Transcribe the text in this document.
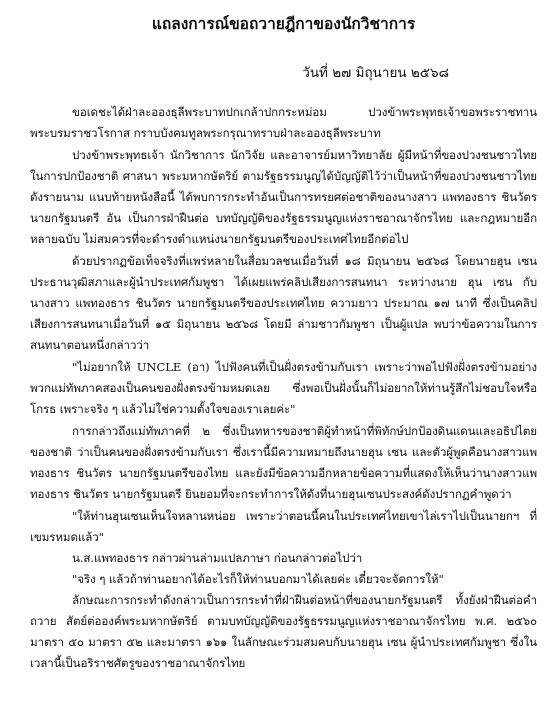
แถลงการณ์ขอถวายฎีกาของนักวิชาการ
วันที่ ๒๗ มิถุนายน ๒๕๖๘

ขอเดชะได้ฝ่าละอองธุลีพระบาทปกเกล้าปกกระหม่อม ปวงข้าพระพุทธเจ้าขอพระราชทานพระบรมราชวโรกาส กราบบังคมทูลพระกรุณาทราบฝ่าละอองธุลีพระบาท

ปวงข้าพระพุทธเจ้า นักวิชาการ นักวิจัย และอาจารย์มหาวิทยาลัย ผู้มีหน้าที่ของปวงชนชาวไทยในการปกป้องชาติ ศาสนา พระมหากษัตริย์ ตามรัฐธรรมนูญได้บัญญัติไว้ว่าเป็นหน้าที่ของปวงชนชาวไทย ดังรายนาม แนบท้ายหนังสือนี้ ได้พบการกระทำอันเป็นการทรยศต่อชาติของนางสาว แพทองธาร ชินวัตร นายกรัฐมนตรี อัน เป็นการฝ่าฝืนต่อ บทบัญญัติของรัฐธรรมนูญแห่งราชอาณาจักรไทย และกฎหมายอีกหลายฉบับ ไม่สมควรที่จะดำรงตำแหน่งนายกรัฐมนตรีของประเทศไทยอีกต่อไป

ด้วยปรากฏข้อเท็จจริงที่แพร่หลายในสื่อมวลชนเมื่อวันที่ ๑๘ มิถุนายน ๒๕๖๘ โดยนายฮุน เซน ประธานวุฒิสภาและผู้นำประเทศกัมพูชา ได้เผยแพร่คลิปเสียงการสนทนา ระหว่างนาย ฮุน เซน กับ นางสาว แพทองธาร ชินวัตร นายกรัฐมนตรีของประเทศไทย ความยาว ประมาณ ๑๗ นาที ซึ่งเป็นคลิปเสียงการสนทนาเมื่อวันที่ ๑๕ มิถุนายน ๒๕๖๘ โดยมี ล่ามชาวกัมพูชา เป็นผู้แปล พบว่าข้อความในการสนทนาตอนหนึ่งกล่าวว่า

"ไม่อยากให้ UNCLE (อา) ไปฟังคนที่เป็นฝั่งตรงข้ามกับเรา เพราะว่าพอไปฟังฝั่งตรงข้ามอย่างพวกแม่ทัพภาคสองเป็นคนของฝั่งตรงข้ามหมดเลย ซึ่งพอเป็นฝั่งนั้นก็ไม่อยากให้ท่านรู้สึกไม่ชอบใจหรือโกรธ เพราะจริง ๆ แล้วไม่ใช่ความตั้งใจของเราเลยค่ะ"

การกล่าวถึงแม่ทัพภาคที่ ๒ ซึ่งเป็นทหารของชาติผู้ทำหน้าที่พิทักษ์ปกป้องดินแดนและอธิปไตยของชาติ ว่าเป็นคนของฝั่งตรงข้ามกับเรา ซึ่งเรานี้มีความหมายถึงนายฮุน เซน และตัวผู้พูดคือนางสาวแพทองธาร ชินวัตร นายกรัฐมนตรีของไทย และยังมีข้อความอีกหลายข้อความที่แสดงให้เห็นว่านางสาวแพทองธาร ชินวัตร นายกรัฐมนตรี ยินยอมที่จะกระทำการให้ดังที่นายฮุนเซนประสงค์ดังปรากฏคำพูดว่า

"ให้ท่านฮุนเซนเห็นใจหลานหน่อย เพราะว่าตอนนี้คนในประเทศไทยเขาไล่เราไปเป็นนายกฯ ที่เขมรหมดแล้ว"

น.ส.แพทองธาร กล่าวผ่านล่ามแปลภาษา ก่อนกล่าวต่อไปว่า

"จริง ๆ แล้วถ้าท่านอยากได้อะไรก็ให้ท่านบอกมาได้เลยค่ะ เดี๋ยวจะจัดการให้"

ลักษณะการกระทำดังกล่าวเป็นการกระทำที่ฝ่าฝืนต่อหน้าที่ของนายกรัฐมนตรี ทั้งยังฝ่าฝืนต่อคำถวาย สัตย์ต่อองค์พระมหากษัตริย์ ตามบทบัญญัติของรัฐธรรมนูญแห่งราชอาณาจักรไทย พ.ศ. ๒๕๖๐ มาตรา ๕๐ มาตรา ๕๒ และมาตรา ๑๖๑ ในลักษณะร่วมสมคบกับนายฮุน เซน ผู้นำประเทศกัมพูชา ซึ่งในเวลานี้เป็นอริราชศัตรูของราชอาณาจักรไทย
